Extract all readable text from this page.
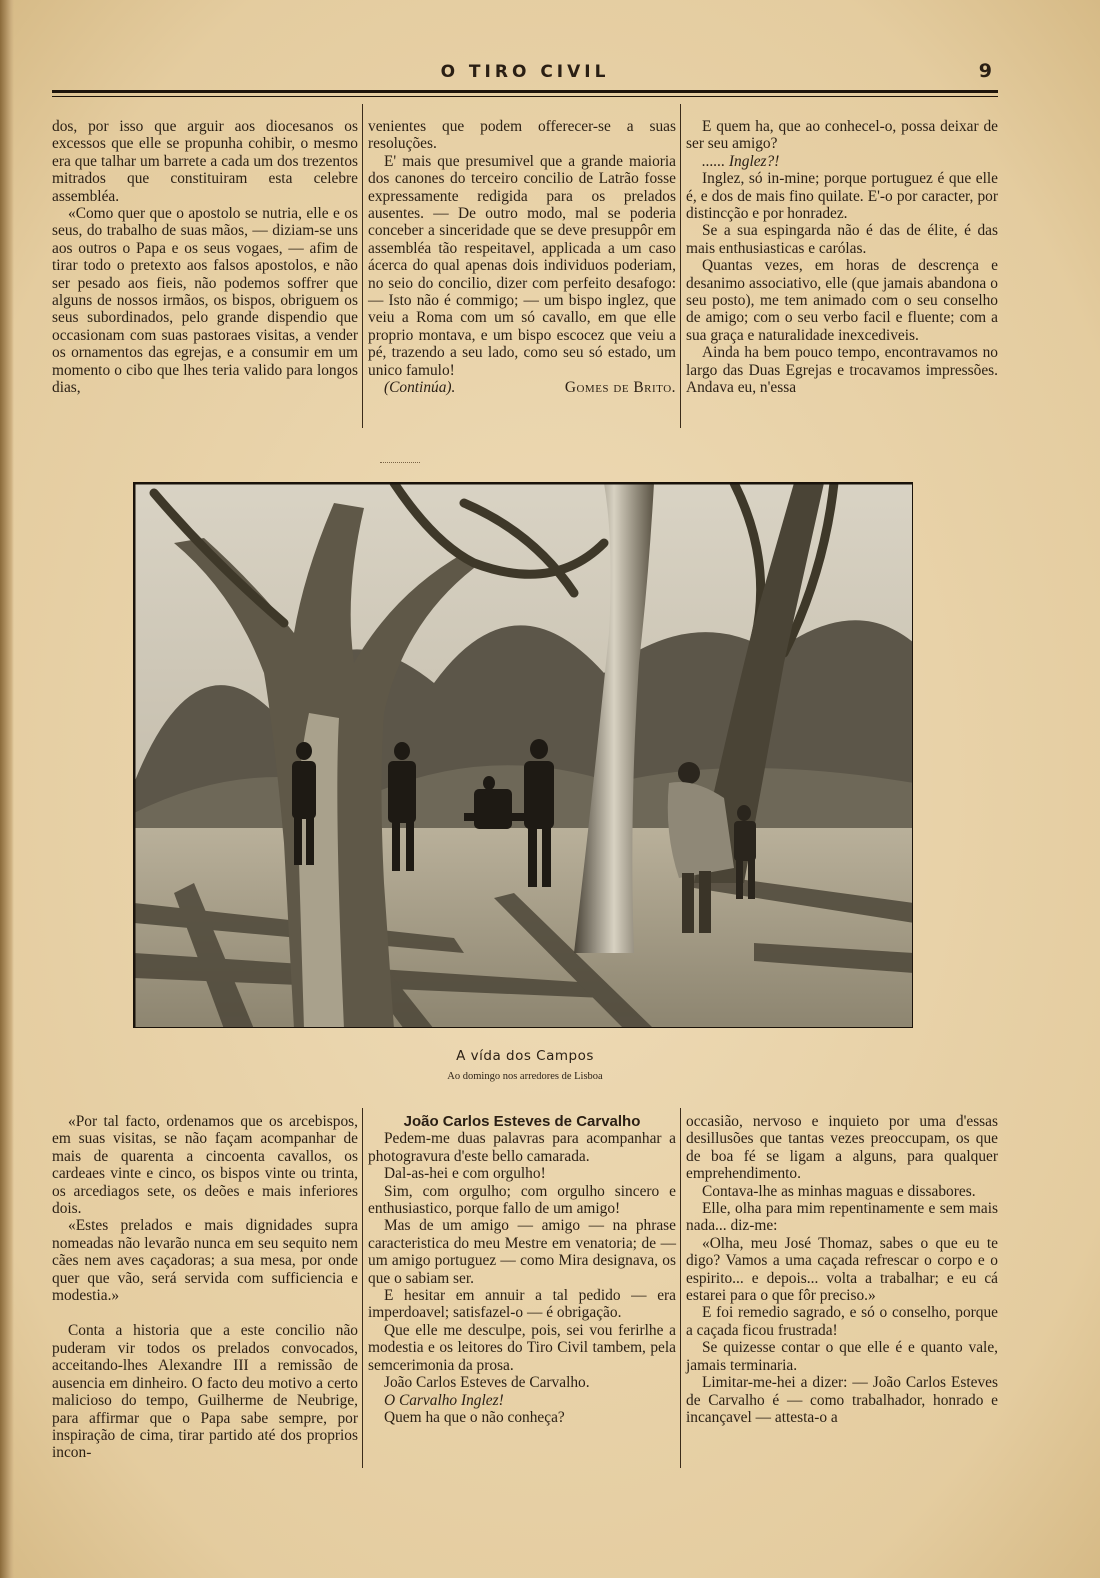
O TIRO CIVIL	9

dos, por isso que arguir aos diocesanos os excessos que elle se propunha cohibir, o mesmo era que talhar um barrete a cada um dos trezentos mitrados que constituiram esta celebre assembléa.

«Como quer que o apostolo se nutria, elle e os seus, do trabalho de suas mãos, — diziam-se uns aos outros o Papa e os seus vogaes, — afim de tirar todo o pretexto aos falsos apostolos, e não ser pesado aos fieis, não podemos soffrer que alguns de nossos irmãos, os bispos, obriguem os seus subordinados, pelo grande dispendio que occasionam com suas pastoraes visitas, a vender os ornamentos das egrejas, e a consumir em um momento o cibo que lhes teria valido para longos dias,

venientes que podem offerecer-se a suas resoluções.

E' mais que presumivel que a grande maioria dos canones do terceiro concilio de Latrão fosse expressamente redigida para os prelados ausentes. — De outro modo, mal se poderia conceber a sinceridade que se deve presuppôr em assembléa tão respeitavel, applicada a um caso ácerca do qual apenas dois individuos poderiam, no seio do concilio, dizer com perfeito desafogo: — Isto não é commigo; — um bispo inglez, que veiu a Roma com um só cavallo, em que elle proprio montava, e um bispo escocez que veiu a pé, trazendo a seu lado, como seu só estado, um unico famulo!

(Continúa).	Gomes de Brito.

E quem ha, que ao conhecel-o, possa deixar de ser seu amigo?

...... Inglez?!

Inglez, só in-mine; porque portuguez é que elle é, e dos de mais fino quilate. E'-o por caracter, por distincção e por honradez.

Se a sua espingarda não é das de élite, é das mais enthusiasticas e carólas.

Quantas vezes, em horas de descrença e desanimo associativo, elle (que jamais abandona o seu posto), me tem animado com o seu conselho de amigo; com o seu verbo facil e fluente; com a sua graça e naturalidade inexcediveis.

Ainda ha bem pouco tempo, encontravamos no largo das Duas Egrejas e trocavamos impressões. Andava eu, n'essa

A vída dos Campos
Ao domingo nos arredores de Lisboa

«Por tal facto, ordenamos que os arcebispos, em suas visitas, se não façam acompanhar de mais de quarenta a cincoenta cavallos, os cardeaes vinte e cinco, os bispos vinte ou trinta, os arcediagos sete, os deões e mais inferiores dois.

«Estes prelados e mais dignidades supra nomeadas não levarão nunca em seu sequito nem cães nem aves caçadoras; a sua mesa, por onde quer que vão, será servida com sufficiencia e modestia.»

Conta a historia que a este concilio não puderam vir todos os prelados convocados, acceitando-lhes Alexandre III a remissão de ausencia em dinheiro. O facto deu motivo a certo malicioso do tempo, Guilherme de Neubrige, para affirmar que o Papa sabe sempre, por inspiração de cima, tirar partido até dos proprios incon-

João Carlos Esteves de Carvalho

Pedem-me duas palavras para acompanhar a photogravura d'este bello camarada.

Dal-as-hei e com orgulho!

Sim, com orgulho; com orgulho sincero e enthusiastico, porque fallo de um amigo!

Mas de um amigo — amigo — na phrase caracteristica do meu Mestre em venatoria; de — um amigo portuguez — como Mira designava, os que o sabiam ser.

E hesitar em annuir a tal pedido — era imperdoavel; satisfazel-o — é obrigação.

Que elle me desculpe, pois, sei vou ferirlhe a modestia e os leitores do Tiro Civil tambem, pela semcerimonia da prosa.

João Carlos Esteves de Carvalho.

O Carvalho Inglez!

Quem ha que o não conheça?

occasião, nervoso e inquieto por uma d'essas desillusões que tantas vezes preoccupam, os que de boa fé se ligam a alguns, para qualquer emprehendimento.

Contava-lhe as minhas maguas e dissabores.

Elle, olha para mim repentinamente e sem mais nada... diz-me:

«Olha, meu José Thomaz, sabes o que eu te digo? Vamos a uma caçada refrescar o corpo e o espirito... e depois... volta a trabalhar; e eu cá estarei para o que fôr preciso.»

E foi remedio sagrado, e só o conselho, porque a caçada ficou frustrada!

Se quizesse contar o que elle é e quanto vale, jamais terminaria.

Limitar-me-hei a dizer: — João Carlos Esteves de Carvalho é — como trabalhador, honrado e incançavel — attesta-o a
